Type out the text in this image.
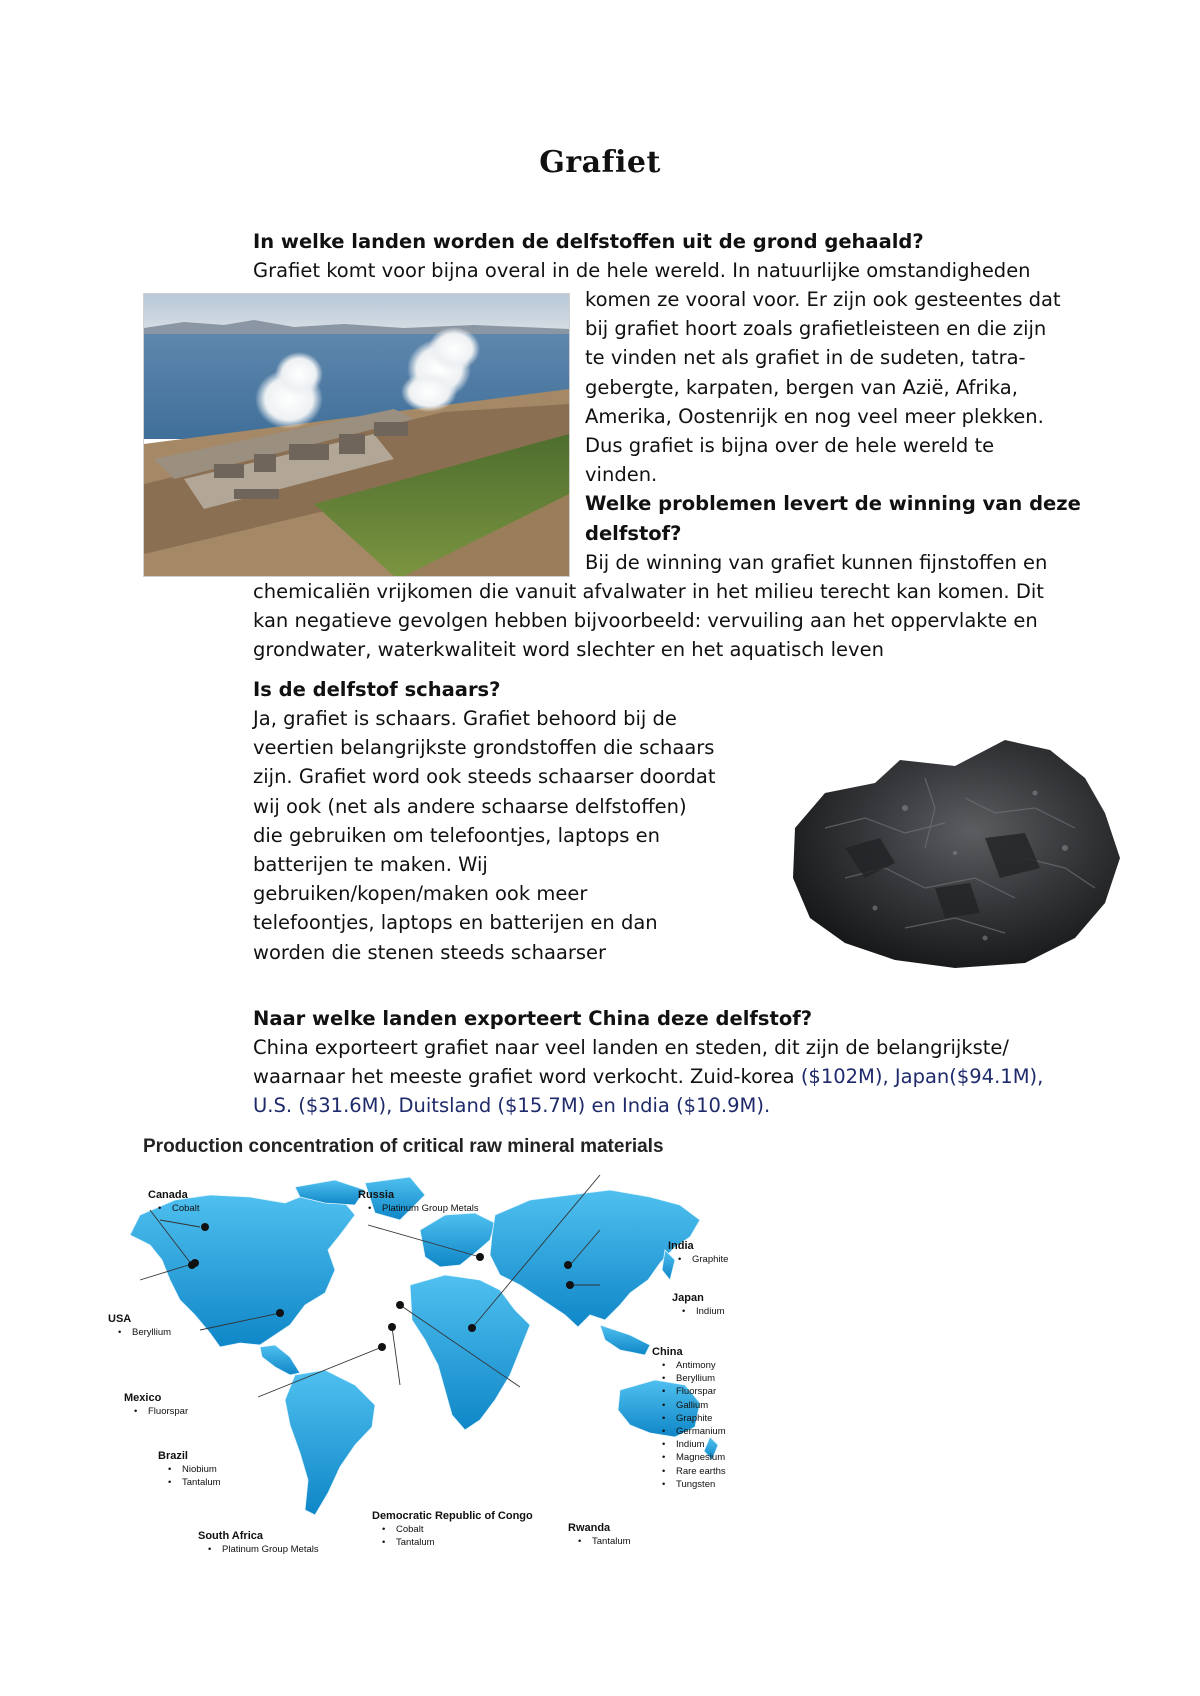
Grafiet
In welke landen worden de delfstoffen uit de grond gehaald?
Grafiet komt voor bijna overal in de hele wereld. In natuurlijke omstandigheden
komen ze vooral voor. Er zijn ook gesteentes dat
bij grafiet hoort zoals grafietleisteen en die zijn
te vinden net als grafiet in de sudeten, tatra-
gebergte, karpaten, bergen van Azië, Afrika,
Amerika, Oostenrijk en nog veel meer plekken.
Dus grafiet is bijna over de hele wereld te
vinden.
Welke problemen levert de winning van deze
delfstof?
Bij de winning van grafiet kunnen fijnstoffen en
chemicaliën vrijkomen die vanuit afvalwater in het milieu terecht kan komen. Dit
kan negatieve gevolgen hebben bijvoorbeeld: vervuiling aan het oppervlakte en
grondwater, waterkwaliteit word slechter en het aquatisch leven
Is de delfstof schaars?
Ja, grafiet is schaars. Grafiet behoord bij de
veertien belangrijkste grondstoffen die schaars
zijn. Grafiet word ook steeds schaarser doordat
wij ook (net als andere schaarse delfstoffen)
die gebruiken om telefoontjes, laptops en
batterijen te maken. Wij
gebruiken/kopen/maken ook meer
telefoontjes, laptops en batterijen en dan
worden die stenen steeds schaarser
Naar welke landen exporteert China deze delfstof?
China exporteert grafiet naar veel landen en steden, dit zijn de belangrijkste/
waarnaar het meeste grafiet word verkocht. Zuid-korea ($102M), Japan($94.1M),
U.S. ($31.6M), Duitsland ($15.7M) en India ($10.9M).
Production concentration of critical raw mineral materials
Canada
• Cobalt
Russia
• Platinum Group Metals
India
• Graphite
Japan
• Indium
USA
• Beryllium
China
• Antimony
• Beryllium
• Fluorspar
• Gallium
• Graphite
• Germanium
• Indium
• Magnesium
• Rare earths
• Tungsten
Mexico
• Fluorspar
Brazil
• Niobium
• Tantalum
South Africa
• Platinum Group Metals
Democratic Republic of Congo
• Cobalt
• Tantalum
Rwanda
• Tantalum
